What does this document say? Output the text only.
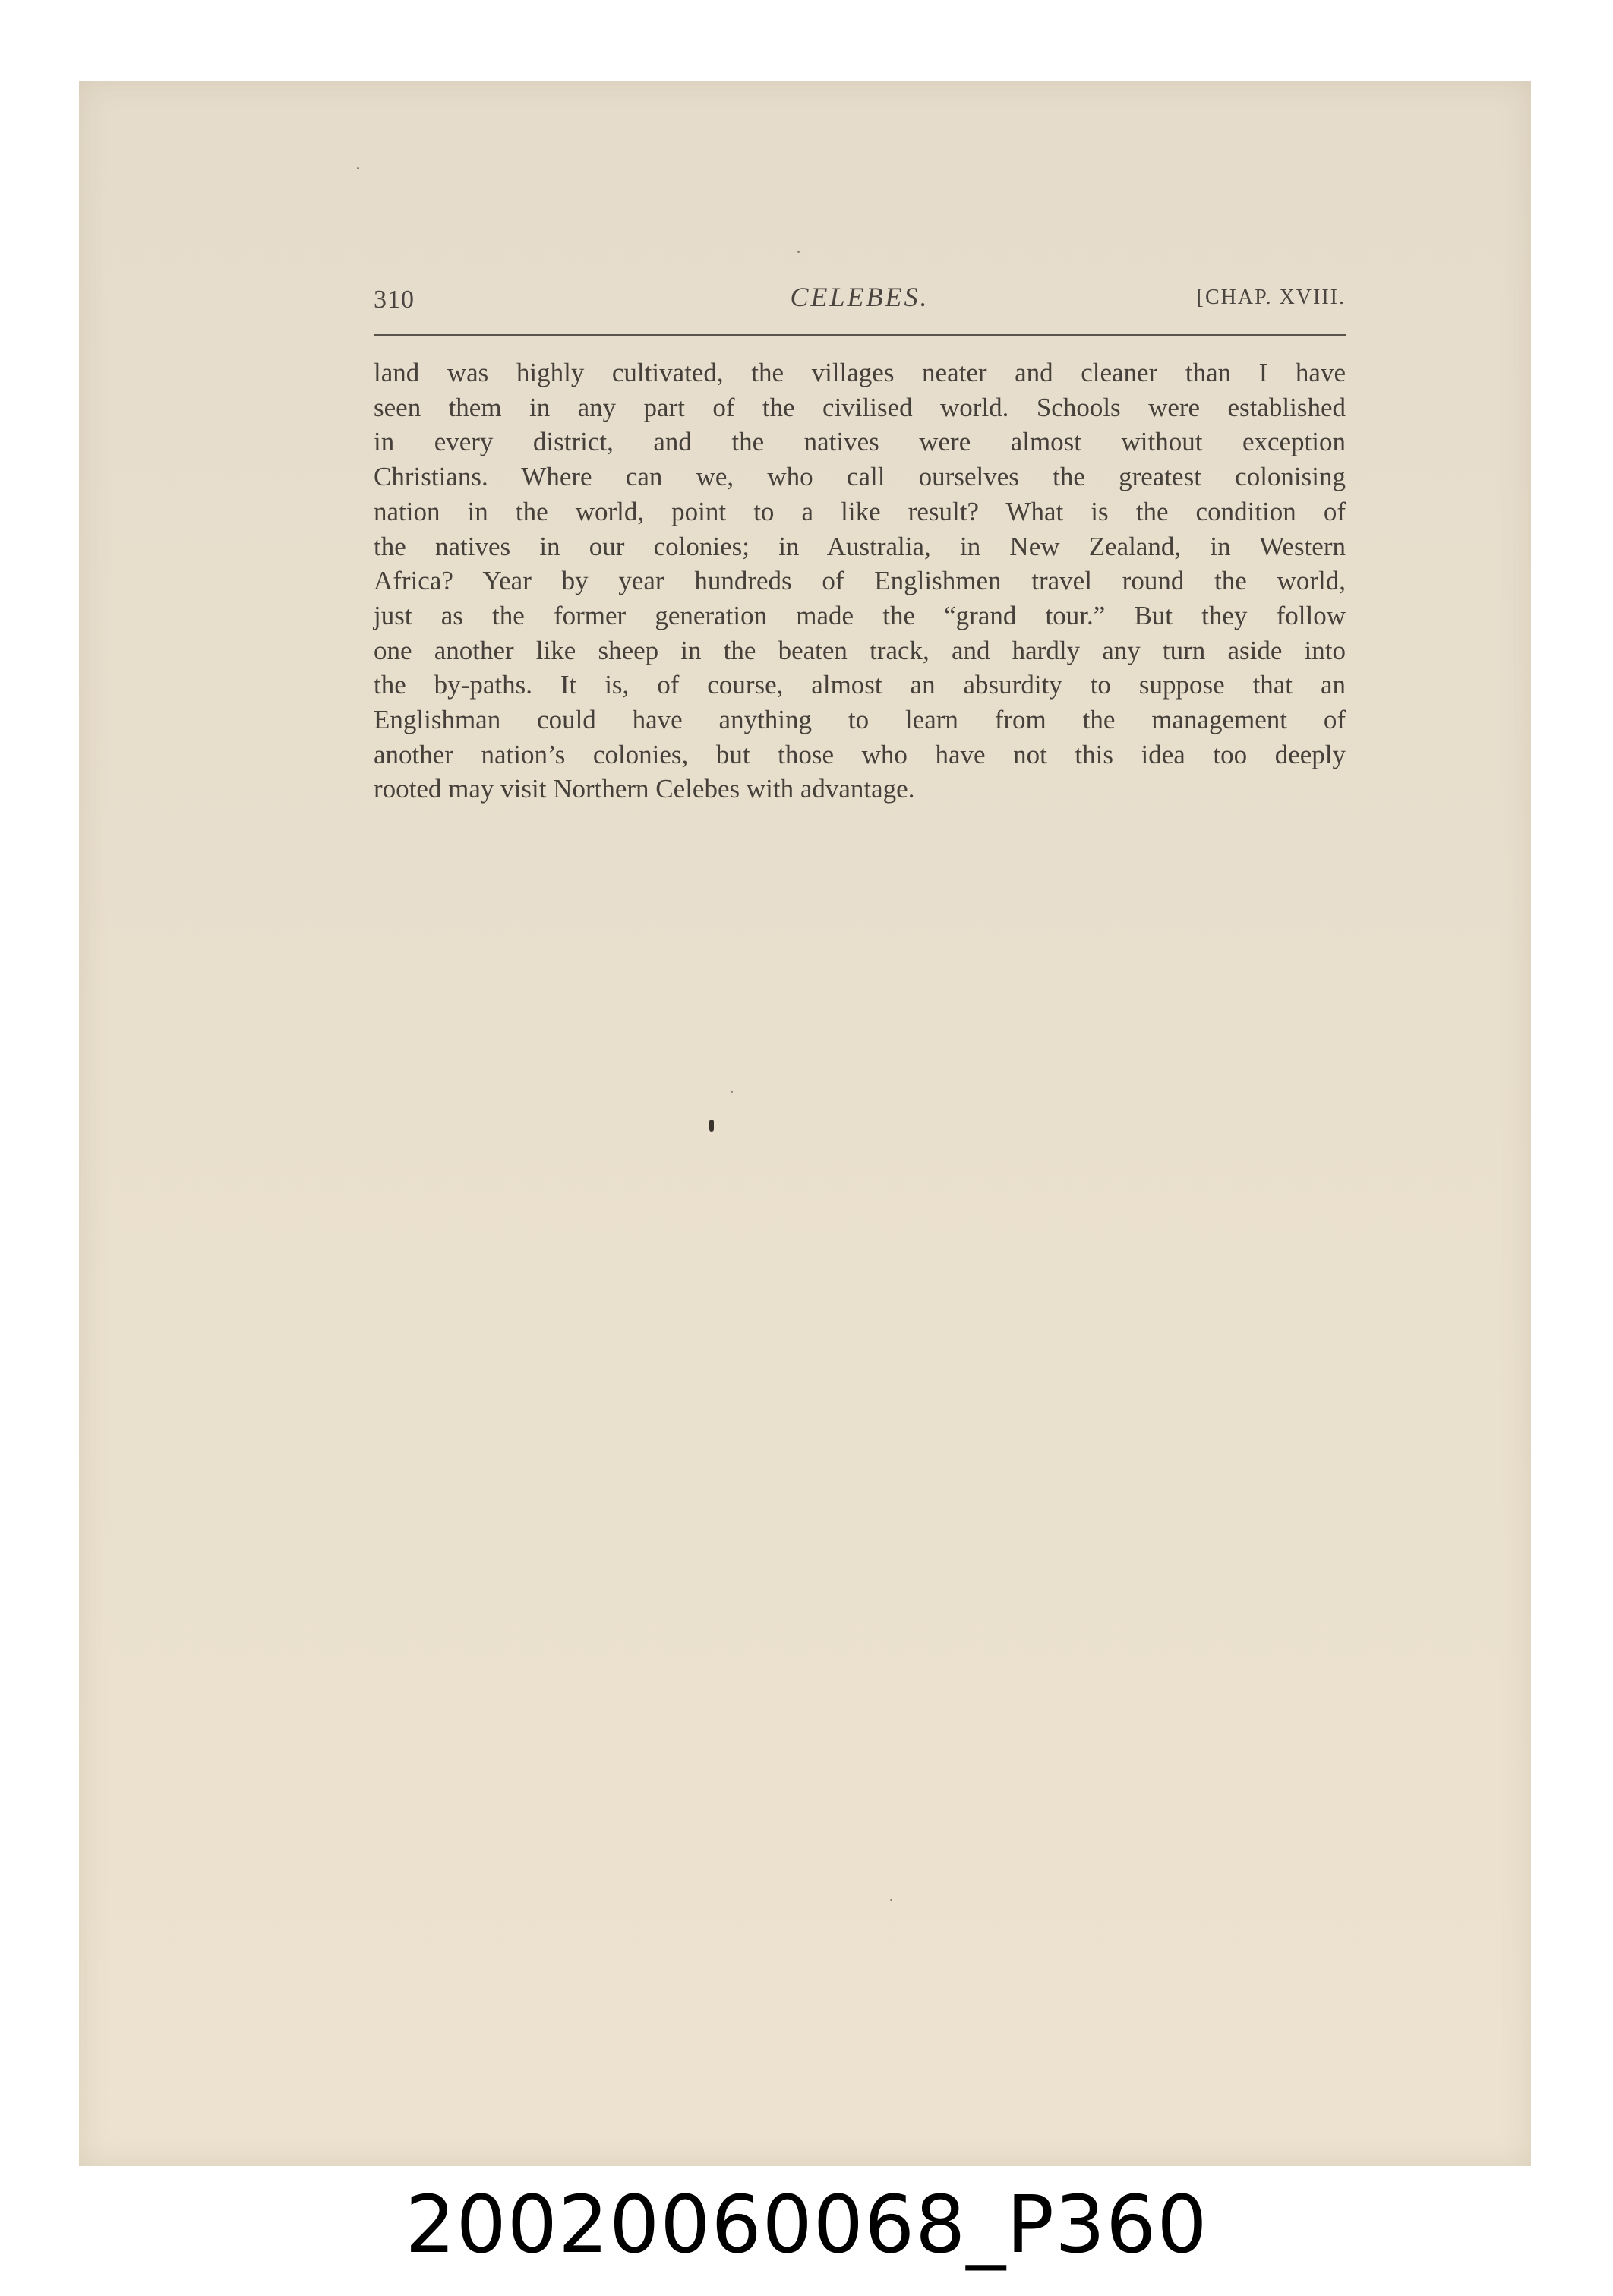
310	CELEBES.	[CHAP. XVIII.

land was highly cultivated, the villages neater and cleaner than I have
seen them in any part of the civilised world. Schools were established
in every district, and the natives were almost without exception
Christians. Where can we, who call ourselves the greatest colonising
nation in the world, point to a like result? What is the condition of
the natives in our colonies; in Australia, in New Zealand, in Western
Africa? Year by year hundreds of Englishmen travel round the world,
just as the former generation made the “grand tour.” But they follow
one another like sheep in the beaten track, and hardly any turn aside into
the by-paths. It is, of course, almost an absurdity to suppose that an
Englishman could have anything to learn from the management of
another nation’s colonies, but those who have not this idea too deeply
rooted may visit Northern Celebes with advantage.

20020060068_P360
